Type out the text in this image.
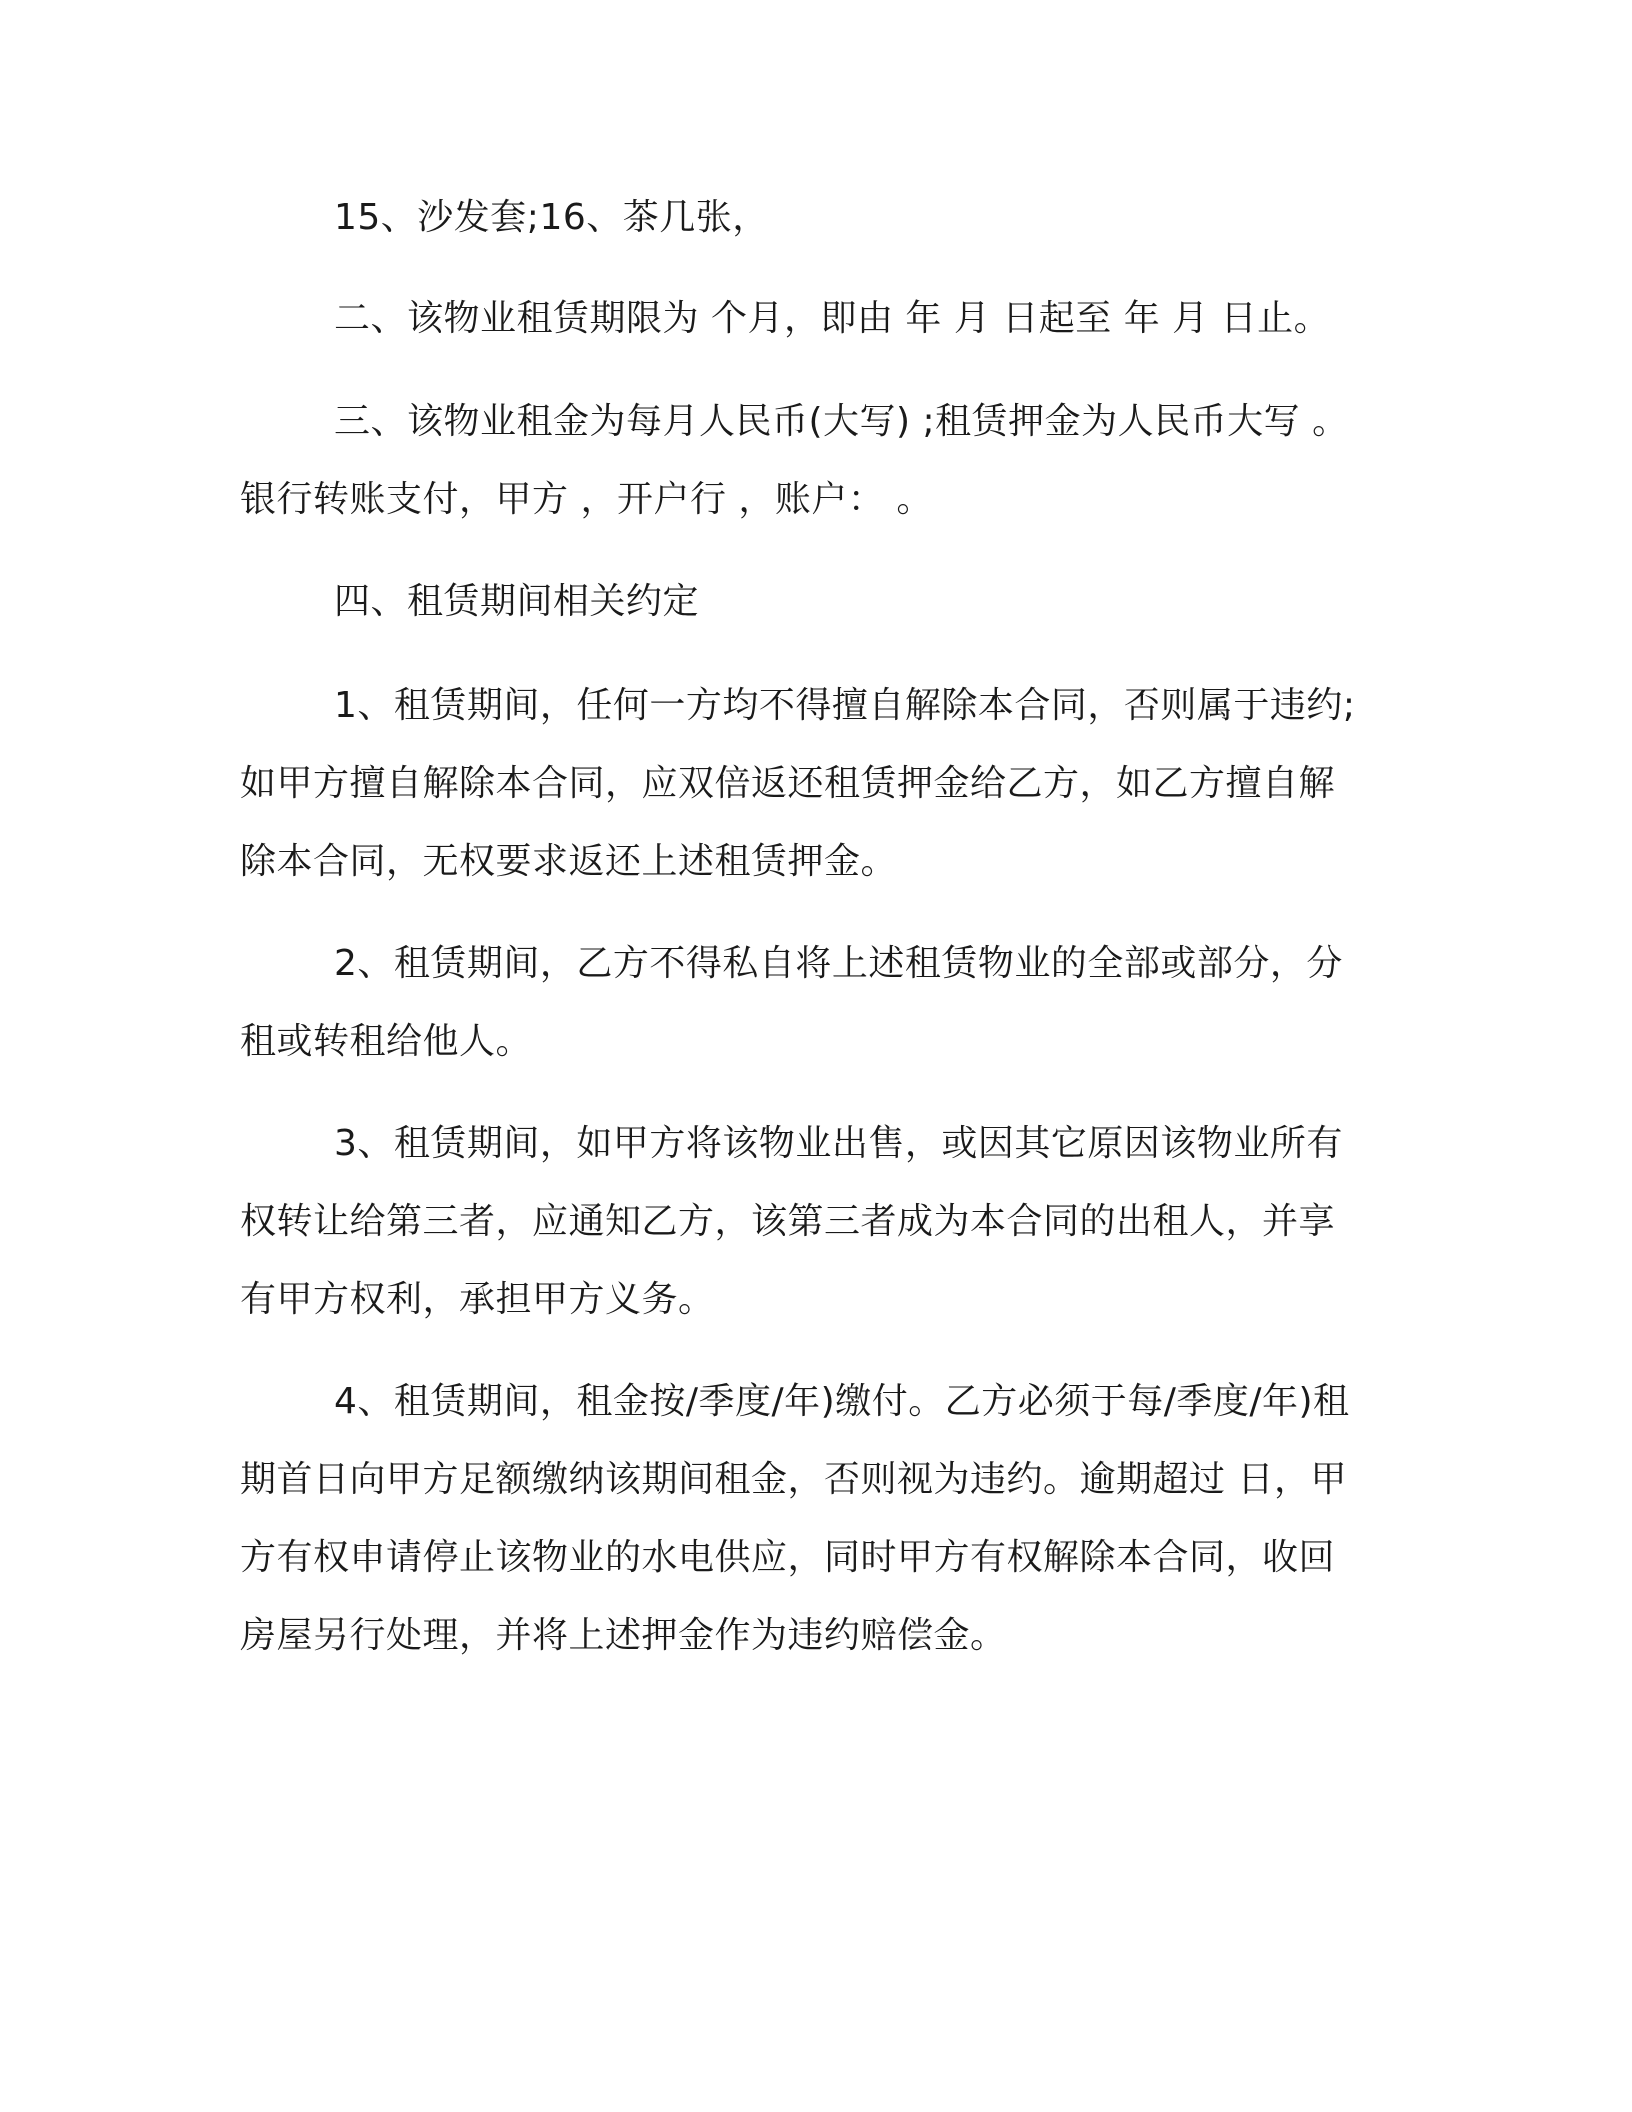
15、沙发套;16、茶几张，
二、该物业租赁期限为 个月，即由 年 月 日起至 年 月 日止。
三、该物业租金为每月人民币(大写) ;租赁押金为人民币大写 。
银行转账支付，甲方 ，开户行 ，账户： 。
四、租赁期间相关约定
1、租赁期间，任何一方均不得擅自解除本合同，否则属于违约;
如甲方擅自解除本合同，应双倍返还租赁押金给乙方，如乙方擅自解
除本合同，无权要求返还上述租赁押金。
2、租赁期间，乙方不得私自将上述租赁物业的全部或部分，分
租或转租给他人。
3、租赁期间，如甲方将该物业出售，或因其它原因该物业所有
权转让给第三者，应通知乙方，该第三者成为本合同的出租人，并享
有甲方权利，承担甲方义务。
4、租赁期间，租金按/季度/年)缴付。乙方必须于每/季度/年)租
期首日向甲方足额缴纳该期间租金，否则视为违约。逾期超过 日，甲
方有权申请停止该物业的水电供应，同时甲方有权解除本合同，收回
房屋另行处理，并将上述押金作为违约赔偿金。
